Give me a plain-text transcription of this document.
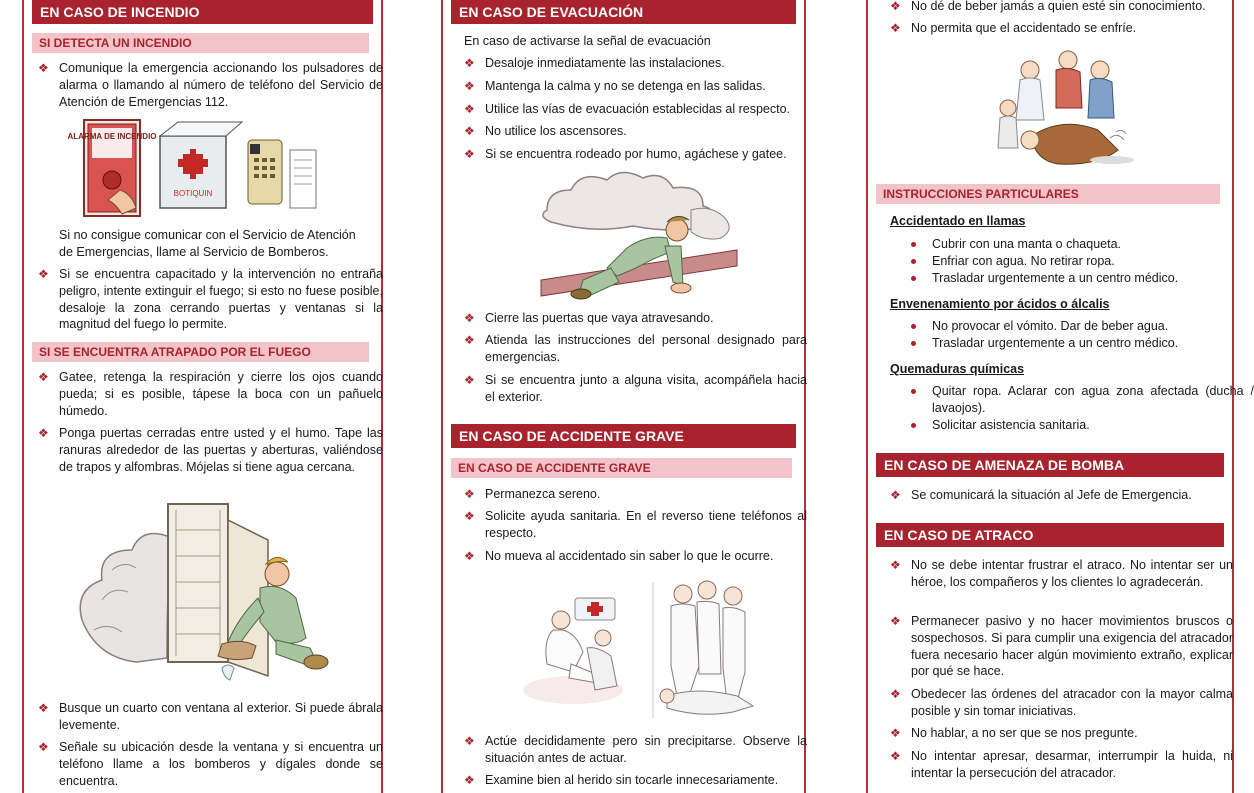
EN CASO DE INCENDIO
SI DETECTA UN INCENDIO
❖ Comunique la emergencia accionando los pulsadores de alarma o llamando al número de teléfono del Servicio de Atención de Emergencias 112.
ALARMA DE INCENDIO
BOTIQUIN
Si no consigue comunicar con el Servicio de Atención de Emergencias, llame al Servicio de Bomberos.
❖ Si se encuentra capacitado y la intervención no entraña peligro, intente extinguir el fuego; si esto no fuese posible, desaloje la zona cerrando puertas y ventanas si la magnitud del fuego lo permite.
SI SE ENCUENTRA ATRAPADO POR EL FUEGO
❖ Gatee, retenga la respiración y cierre los ojos cuando pueda; si es posible, tápese la boca con un pañuelo húmedo.
❖ Ponga puertas cerradas entre usted y el humo. Tape las ranuras alrededor de las puertas y aberturas, valiéndose de trapos y alfombras. Mójelas si tiene agua cercana.
❖ Busque un cuarto con ventana al exterior. Si puede ábrala levemente.
❖ Señale su ubicación desde la ventana y si encuentra un teléfono llame a los bomberos y dígales donde se encuentra.
EN CASO DE EVACUACIÓN
En caso de activarse la señal de evacuación
❖ Desaloje inmediatamente las instalaciones.
❖ Mantenga la calma y no se detenga en las salidas.
❖ Utilice las vías de evacuación establecidas al respecto.
❖ No utilice los ascensores.
❖ Si se encuentra rodeado por humo, agáchese y gatee.
❖ Cierre las puertas que vaya atravesando.
❖ Atienda las instrucciones del personal designado para emergencias.
❖ Si se encuentra junto a alguna visita, acompáñela hacia el exterior.
EN CASO DE ACCIDENTE GRAVE
EN CASO DE ACCIDENTE GRAVE
❖ Permanezca sereno.
❖ Solicite ayuda sanitaria. En el reverso tiene teléfonos al respecto.
❖ No mueva al accidentado sin saber lo que le ocurre.
❖ Actúe decididamente pero sin precipitarse. Observe la situación antes de actuar.
❖ Examine bien al herido sin tocarle innecesariamente.
❖ No dé de beber jamás a quien esté sin conocimiento.
❖ No permita que el accidentado se enfríe.
INSTRUCCIONES PARTICULARES
Accidentado en llamas
Cubrir con una manta o chaqueta.
Enfriar con agua. No retirar ropa.
Trasladar urgentemente a un centro médico.
Envenenamiento por ácidos o álcalis
No provocar el vómito. Dar de beber agua.
Trasladar urgentemente a un centro médico.
Quemaduras químicas
Quitar ropa. Aclarar con agua zona afectada (ducha / lavaojos).
Solicitar asistencia sanitaria.
EN CASO DE AMENAZA DE BOMBA
❖ Se comunicará la situación al Jefe de Emergencia.
EN CASO DE ATRACO
❖ No se debe intentar frustrar el atraco. No intentar ser un héroe, los compañeros y los clientes lo agradecerán.
❖ Permanecer pasivo y no hacer movimientos bruscos o sospechosos. Si para cumplir una exigencia del atracador fuera necesario hacer algún movimiento extraño, explicar por qué se hace.
❖ Obedecer las órdenes del atracador con la mayor calma posible y sin tomar iniciativas.
❖ No hablar, a no ser que se nos pregunte.
❖ No intentar apresar, desarmar, interrumpir la huida, ni intentar la persecución del atracador.
